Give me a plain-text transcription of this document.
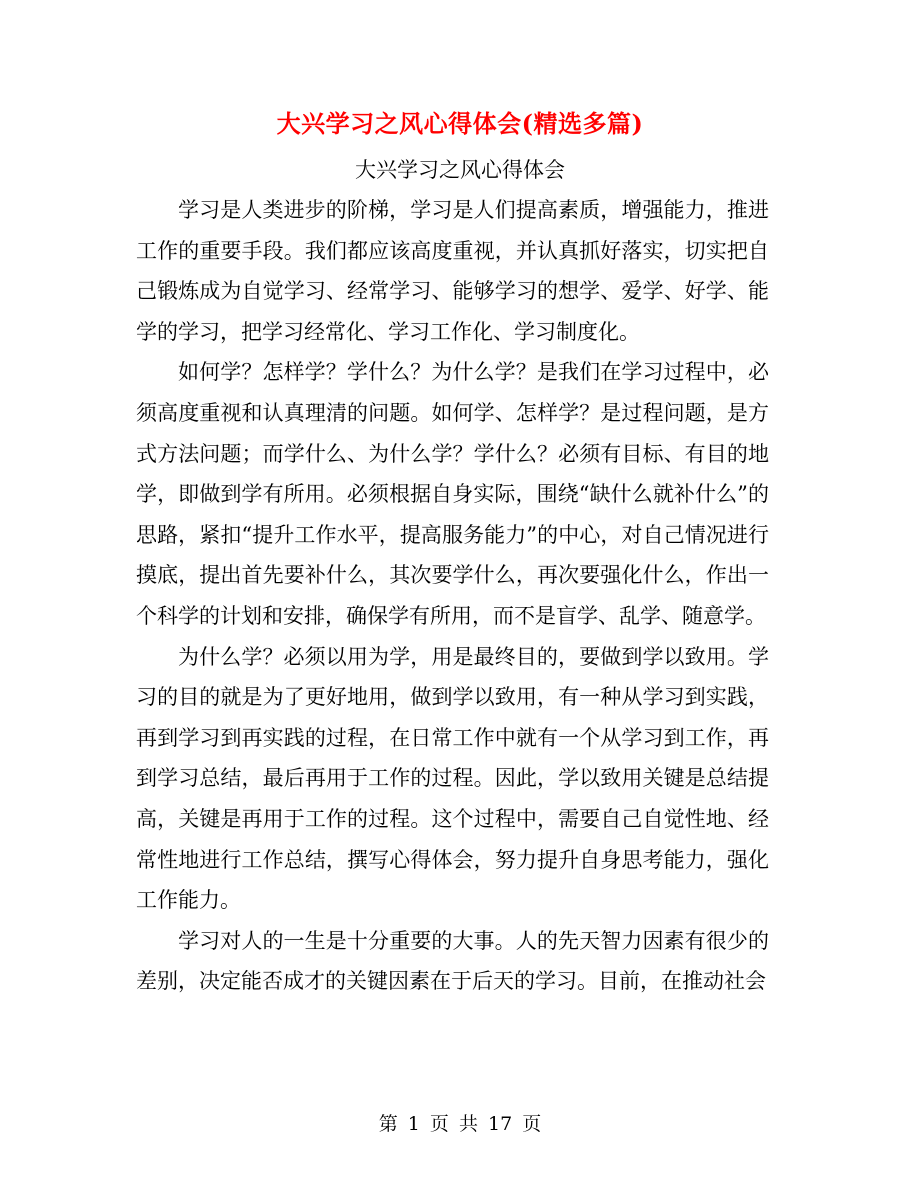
大兴学习之风心得体会(精选多篇)
大兴学习之风心得体会

学习是人类进步的阶梯，学习是人们提高素质，增强能力，推进工作的重要手段。我们都应该高度重视，并认真抓好落实，切实把自己锻炼成为自觉学习、经常学习、能够学习的想学、爱学、好学、能学的学习，把学习经常化、学习工作化、学习制度化。

如何学？怎样学？学什么？为什么学？是我们在学习过程中，必须高度重视和认真理清的问题。如何学、怎样学？是过程问题，是方式方法问题；而学什么、为什么学？学什么？必须有目标、有目的地学，即做到学有所用。必须根据自身实际，围绕“缺什么就补什么”的思路，紧扣“提升工作水平，提高服务能力”的中心，对自己情况进行摸底，提出首先要补什么，其次要学什么，再次要强化什么，作出一个科学的计划和安排，确保学有所用，而不是盲学、乱学、随意学。

为什么学？必须以用为学，用是最终目的，要做到学以致用。学习的目的就是为了更好地用，做到学以致用，有一种从学习到实践，再到学习到再实践的过程，在日常工作中就有一个从学习到工作，再到学习总结，最后再用于工作的过程。因此，学以致用关键是总结提高，关键是再用于工作的过程。这个过程中，需要自己自觉性地、经常性地进行工作总结，撰写心得体会，努力提升自身思考能力，强化工作能力。

学习对人的一生是十分重要的大事。人的先天智力因素有很少的差别，决定能否成才的关键因素在于后天的学习。目前，在推动社会

第 1 页 共 17 页
